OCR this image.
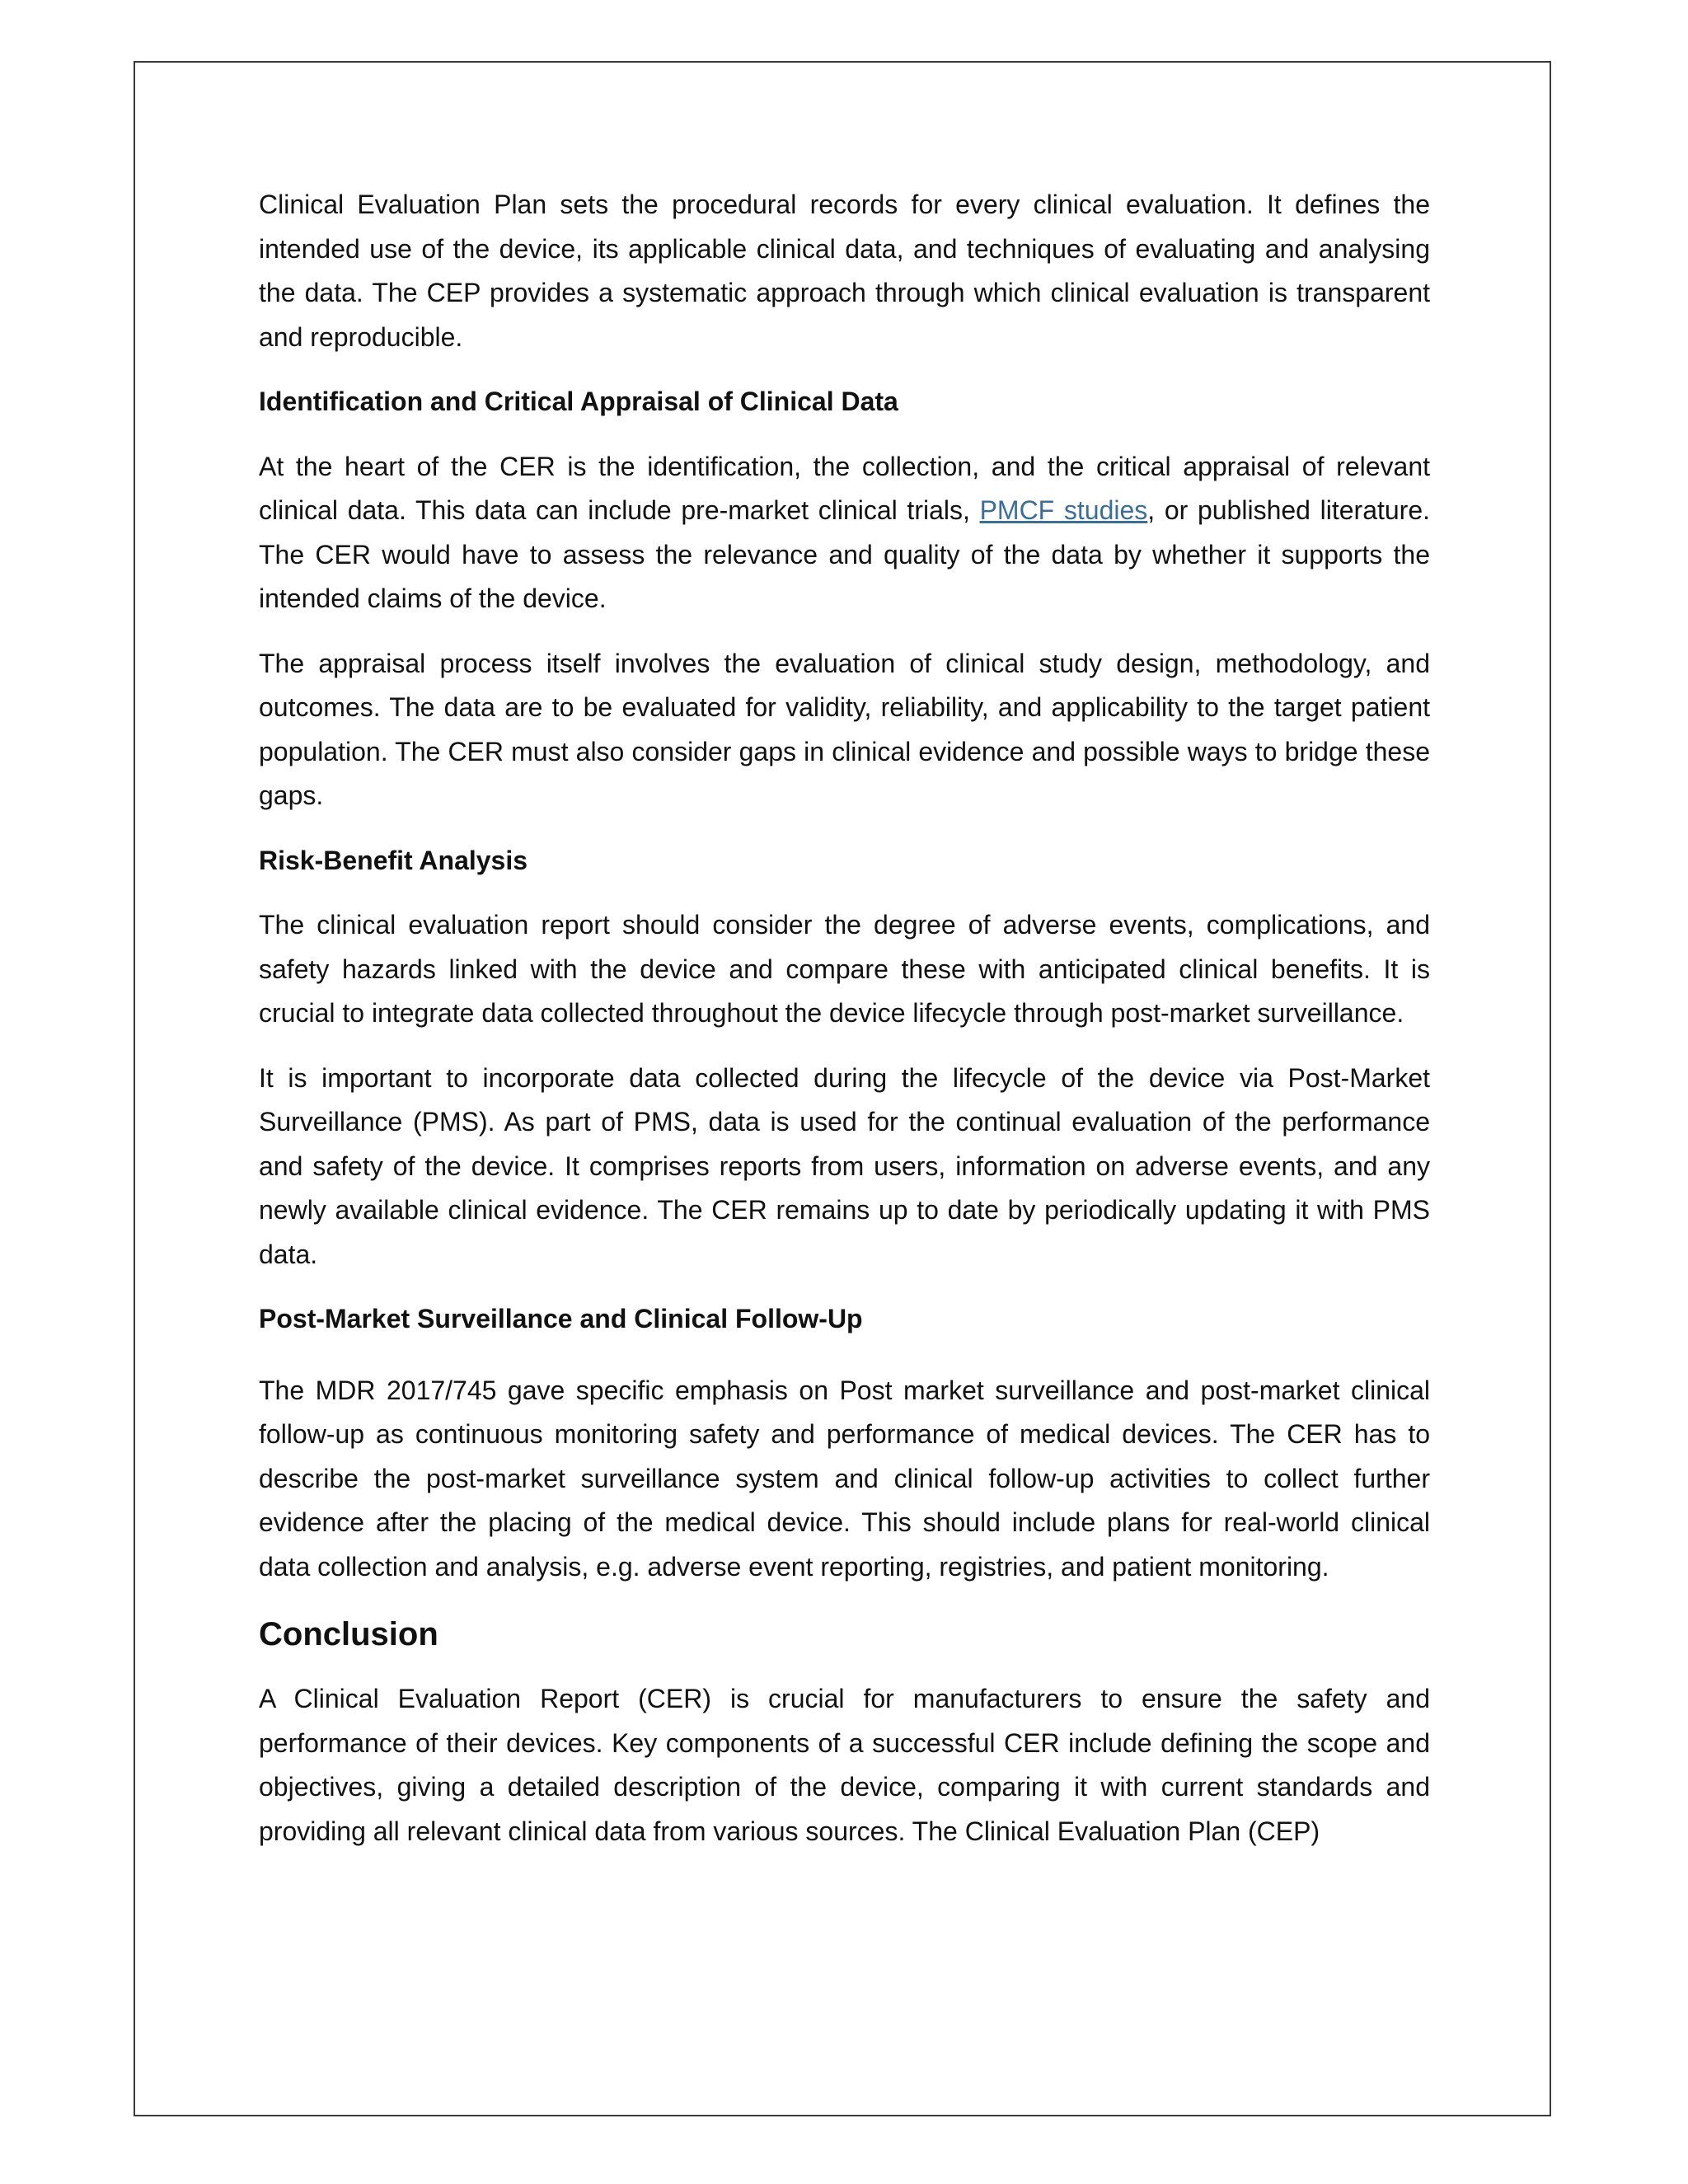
Clinical Evaluation Plan sets the procedural records for every clinical evaluation. It defines the intended use of the device, its applicable clinical data, and techniques of evaluating and analysing the data. The CEP provides a systematic approach through which clinical evaluation is transparent and reproducible.

Identification and Critical Appraisal of Clinical Data

At the heart of the CER is the identification, the collection, and the critical appraisal of relevant clinical data. This data can include pre-market clinical trials, PMCF studies, or published literature. The CER would have to assess the relevance and quality of the data by whether it supports the intended claims of the device.

The appraisal process itself involves the evaluation of clinical study design, methodology, and outcomes. The data are to be evaluated for validity, reliability, and applicability to the target patient population. The CER must also consider gaps in clinical evidence and possible ways to bridge these gaps.

Risk-Benefit Analysis

The clinical evaluation report should consider the degree of adverse events, complications, and safety hazards linked with the device and compare these with anticipated clinical benefits. It is crucial to integrate data collected throughout the device lifecycle through post-market surveillance.

It is important to incorporate data collected during the lifecycle of the device via Post-Market Surveillance (PMS). As part of PMS, data is used for the continual evaluation of the performance and safety of the device. It comprises reports from users, information on adverse events, and any newly available clinical evidence. The CER remains up to date by periodically updating it with PMS data.

Post-Market Surveillance and Clinical Follow-Up

The MDR 2017/745 gave specific emphasis on Post market surveillance and post-market clinical follow-up as continuous monitoring safety and performance of medical devices. The CER has to describe the post-market surveillance system and clinical follow-up activities to collect further evidence after the placing of the medical device. This should include plans for real-world clinical data collection and analysis, e.g. adverse event reporting, registries, and patient monitoring.

Conclusion

A Clinical Evaluation Report (CER) is crucial for manufacturers to ensure the safety and performance of their devices. Key components of a successful CER include defining the scope and objectives, giving a detailed description of the device, comparing it with current standards and providing all relevant clinical data from various sources. The Clinical Evaluation Plan (CEP)
